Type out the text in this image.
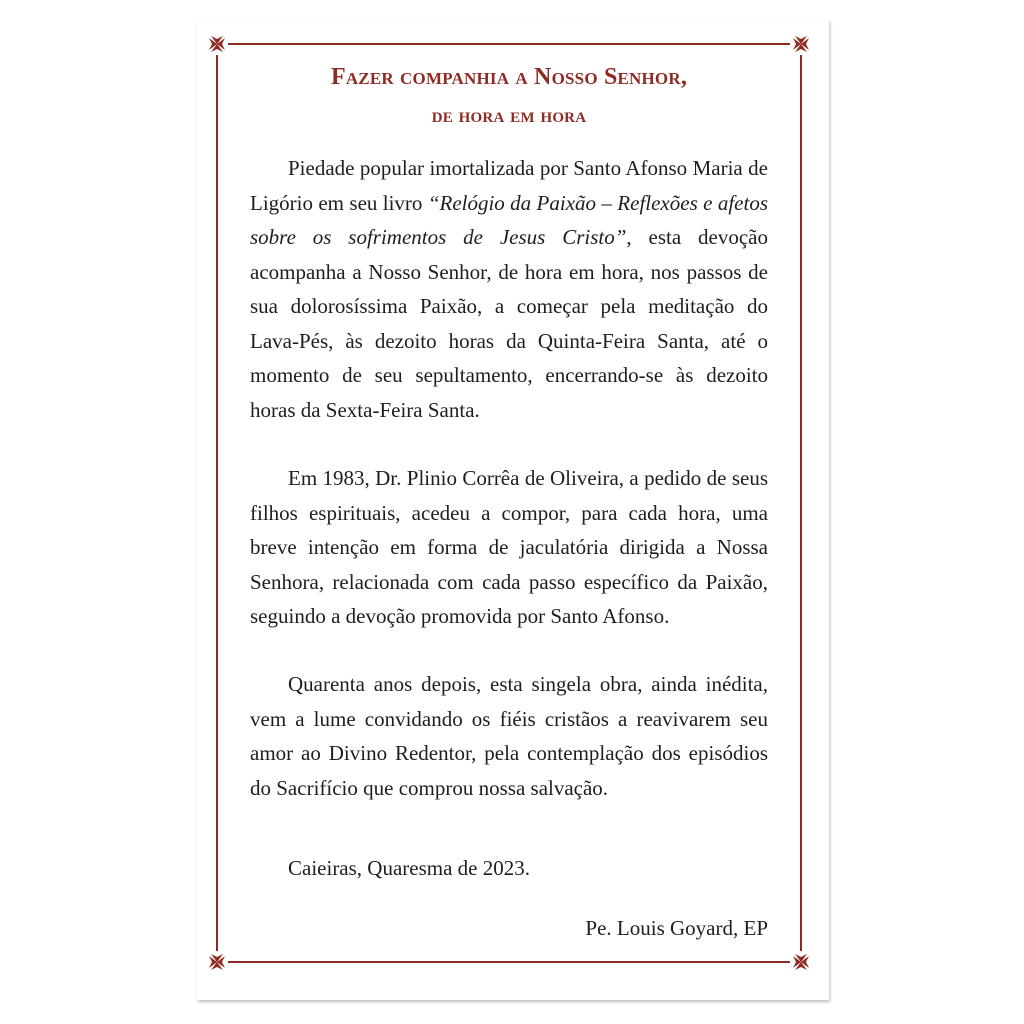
Fazer companhia a Nosso Senhor,
de hora em hora

Piedade popular imortalizada por Santo Afonso Maria de Ligório em seu livro “Relógio da Paixão – Reflexões e afetos sobre os sofrimentos de Jesus Cristo”, esta devoção acompanha a Nosso Senhor, de hora em hora, nos passos de sua dolorosíssima Paixão, a começar pela meditação do Lava-Pés, às dezoito horas da Quinta-Feira Santa, até o momento de seu sepultamento, encerrando-se às dezoito horas da Sexta-Feira Santa.

Em 1983, Dr. Plinio Corrêa de Oliveira, a pedido de seus filhos espirituais, acedeu a compor, para cada hora, uma breve intenção em forma de jaculatória dirigida a Nossa Senhora, relacionada com cada passo específico da Paixão, seguindo a devoção promovida por Santo Afonso.

Quarenta anos depois, esta singela obra, ainda inédita, vem a lume convidando os fiéis cristãos a reavivarem seu amor ao Divino Redentor, pela contemplação dos episódios do Sacrifício que comprou nossa salvação.

Caieiras, Quaresma de 2023.
Pe. Louis Goyard, EP
